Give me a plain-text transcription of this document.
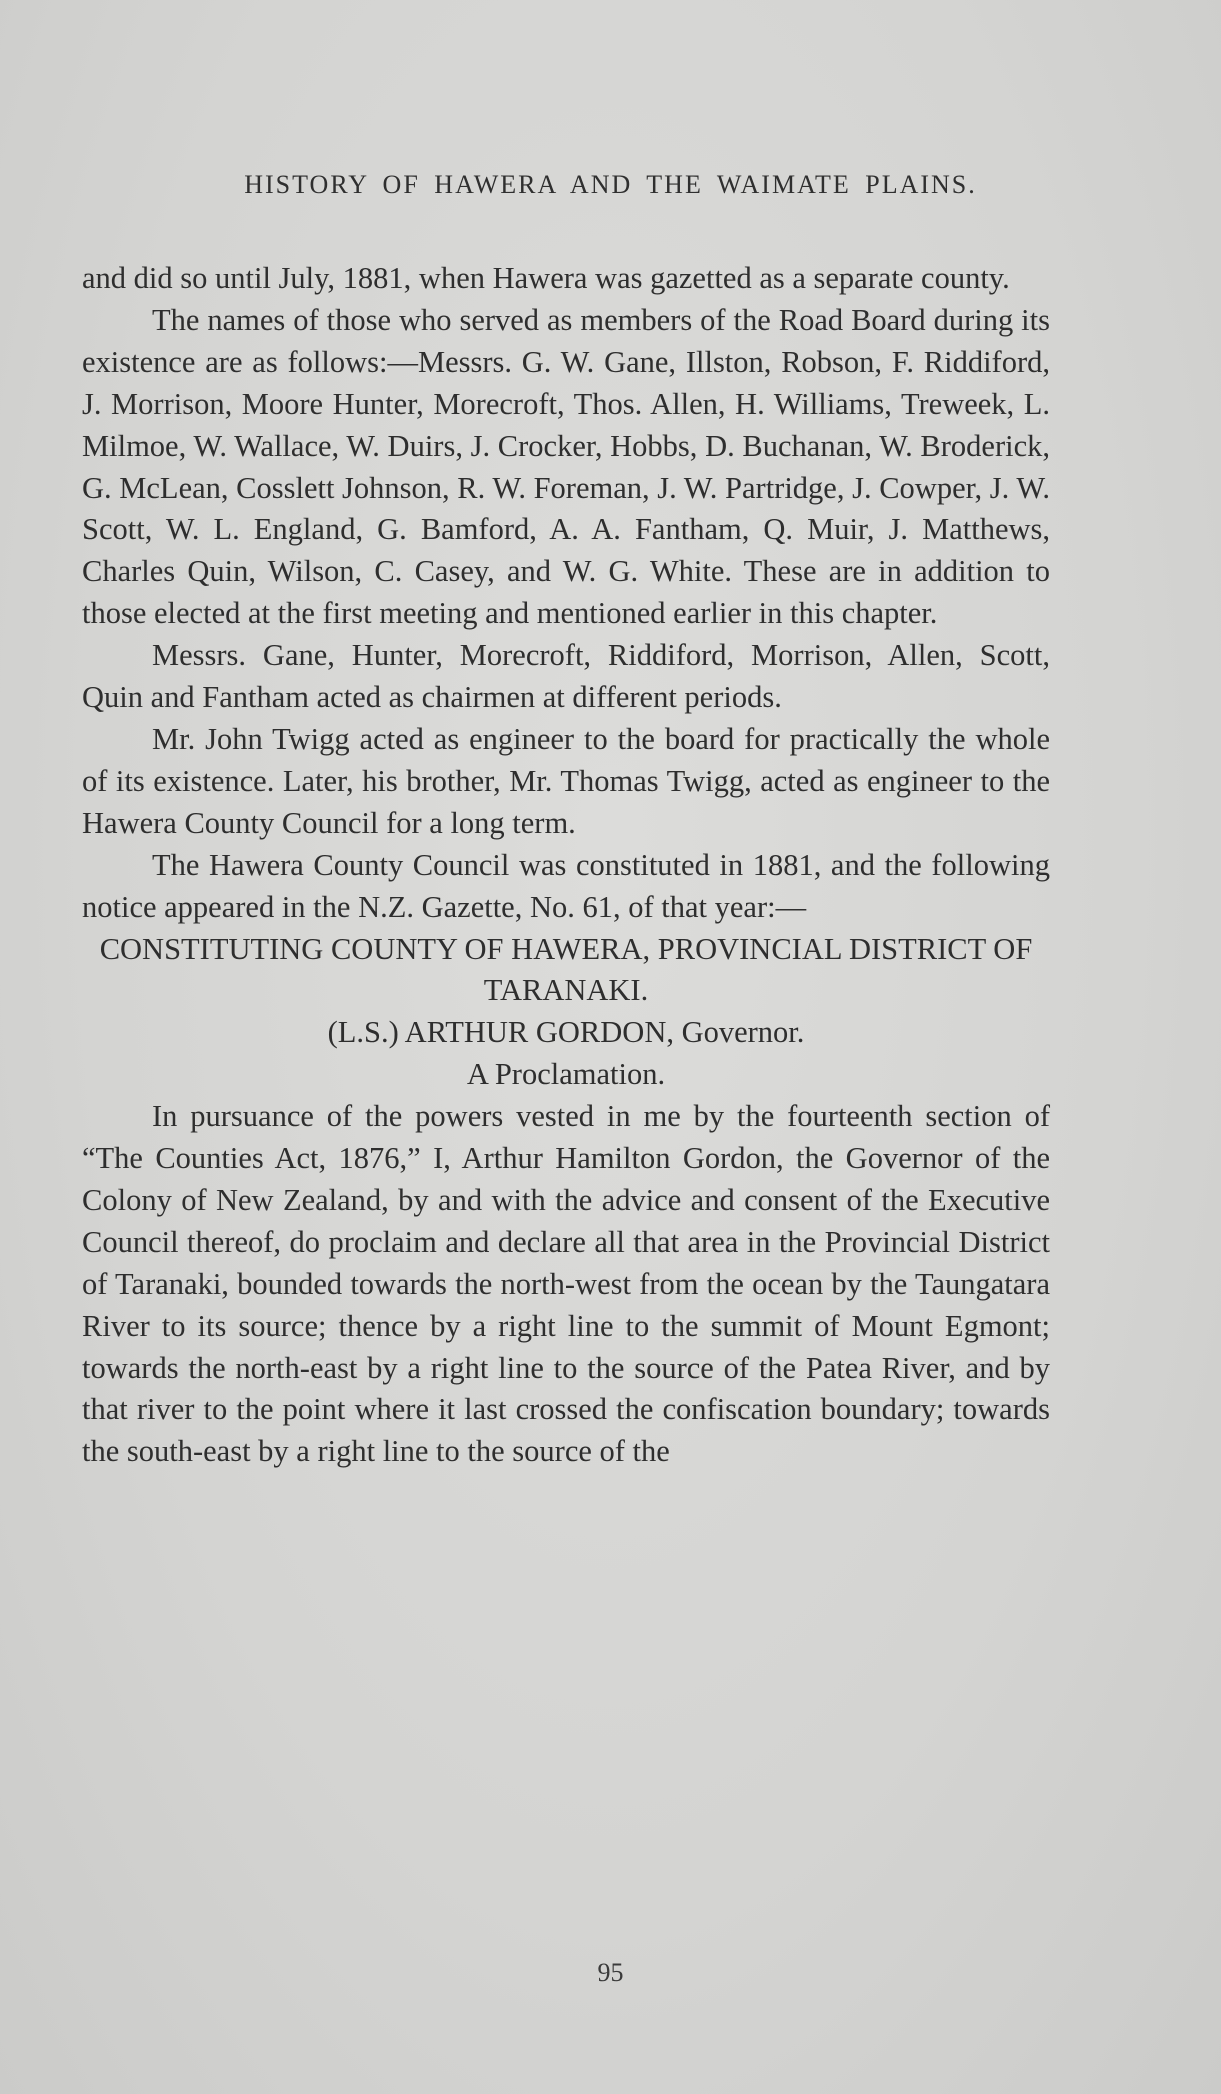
HISTORY OF HAWERA AND THE WAIMATE PLAINS.

and did so until July, 1881, when Hawera was gazetted as a separate county.

The names of those who served as members of the Road Board during its existence are as follows:—Messrs. G. W. Gane, Illston, Robson, F. Riddiford, J. Morrison, Moore Hunter, Morecroft, Thos. Allen, H. Williams, Treweek, L. Milmoe, W. Wallace, W. Duirs, J. Crocker, Hobbs, D. Buchanan, W. Broderick, G. McLean, Cosslett Johnson, R. W. Foreman, J. W. Partridge, J. Cowper, J. W. Scott, W. L. England, G. Bamford, A. A. Fantham, Q. Muir, J. Matthews, Charles Quin, Wilson, C. Casey, and W. G. White. These are in addition to those elected at the first meeting and mentioned earlier in this chapter.

Messrs. Gane, Hunter, Morecroft, Riddiford, Morrison, Allen, Scott, Quin and Fantham acted as chairmen at different periods.

Mr. John Twigg acted as engineer to the board for practically the whole of its existence. Later, his brother, Mr. Thomas Twigg, acted as engineer to the Hawera County Council for a long term.

The Hawera County Council was constituted in 1881, and the following notice appeared in the N.Z. Gazette, No. 61, of that year:—

CONSTITUTING COUNTY OF HAWERA, PROVINCIAL DISTRICT OF TARANAKI.

(L.S.) ARTHUR GORDON, Governor.

A Proclamation.

In pursuance of the powers vested in me by the fourteenth section of “The Counties Act, 1876,” I, Arthur Hamilton Gordon, the Governor of the Colony of New Zealand, by and with the advice and consent of the Executive Council thereof, do proclaim and declare all that area in the Provincial District of Taranaki, bounded towards the north-west from the ocean by the Taungatara River to its source; thence by a right line to the summit of Mount Egmont; towards the north-east by a right line to the source of the Patea River, and by that river to the point where it last crossed the confiscation boundary; towards the south-east by a right line to the source of the

95
